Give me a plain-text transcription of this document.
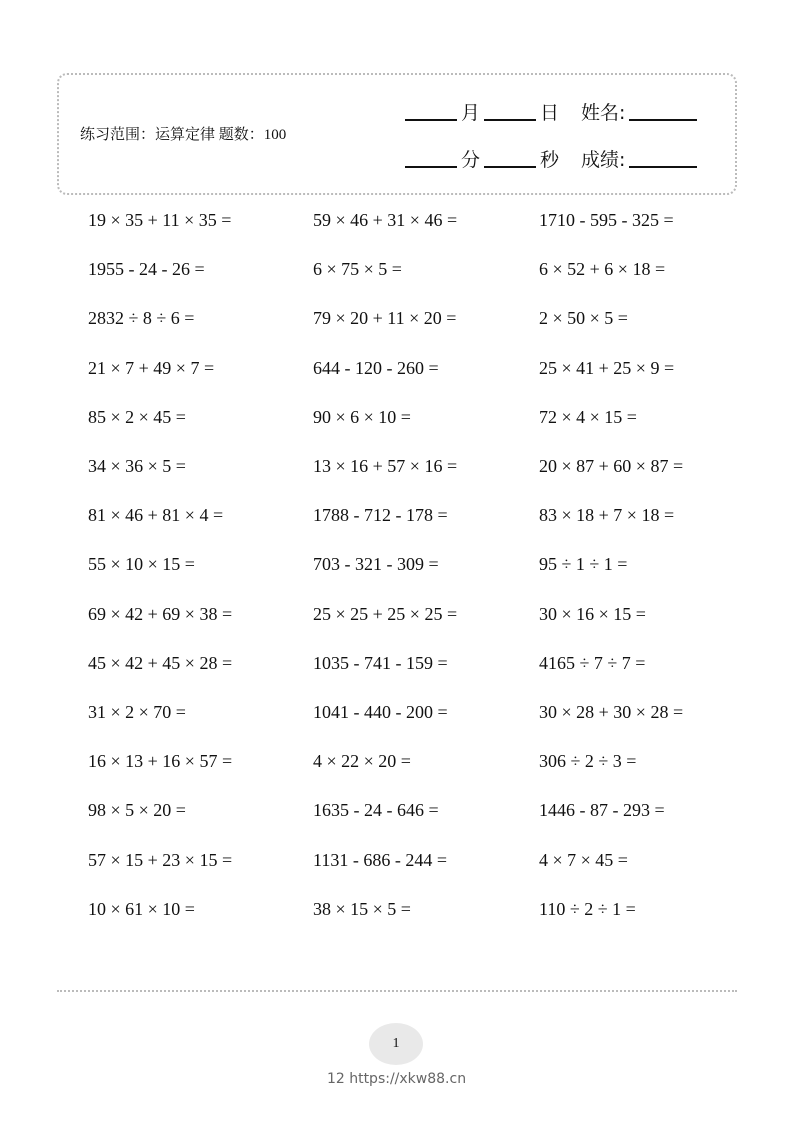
练习范围：运算定律 题数：100
月	日 姓名:
分	秒 成绩:
19 × 35 + 11 × 35 =	59 × 46 + 31 × 46 =	1710 - 595 - 325 =
1955 - 24 - 26 =	6 × 75 × 5 =	6 × 52 + 6 × 18 =
2832 ÷ 8 ÷ 6 =	79 × 20 + 11 × 20 =	2 × 50 × 5 =
21 × 7 + 49 × 7 =	644 - 120 - 260 =	25 × 41 + 25 × 9 =
85 × 2 × 45 =	90 × 6 × 10 =	72 × 4 × 15 =
34 × 36 × 5 =	13 × 16 + 57 × 16 =	20 × 87 + 60 × 87 =
81 × 46 + 81 × 4 =	1788 - 712 - 178 =	83 × 18 + 7 × 18 =
55 × 10 × 15 =	703 - 321 - 309 =	95 ÷ 1 ÷ 1 =
69 × 42 + 69 × 38 =	25 × 25 + 25 × 25 =	30 × 16 × 15 =
45 × 42 + 45 × 28 =	1035 - 741 - 159 =	4165 ÷ 7 ÷ 7 =
31 × 2 × 70 =	1041 - 440 - 200 =	30 × 28 + 30 × 28 =
16 × 13 + 16 × 57 =	4 × 22 × 20 =	306 ÷ 2 ÷ 3 =
98 × 5 × 20 =	1635 - 24 - 646 =	1446 - 87 - 293 =
57 × 15 + 23 × 15 =	1131 - 686 - 244 =	4 × 7 × 45 =
10 × 61 × 10 =	38 × 15 × 5 =	110 ÷ 2 ÷ 1 =
1
12 https://xkw88.cn
